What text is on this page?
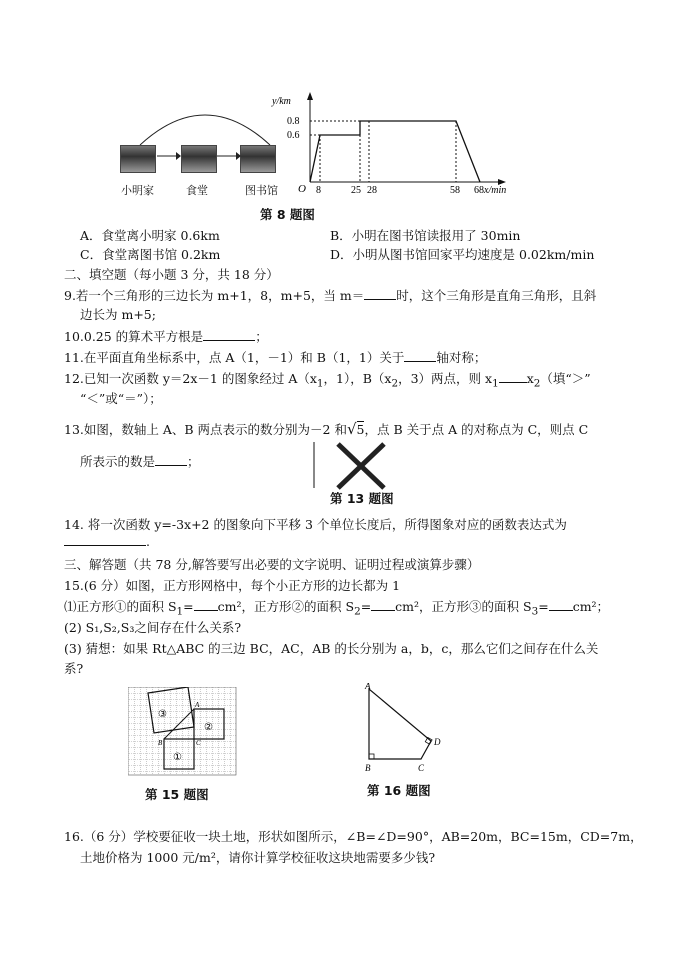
小明家	食堂	图书馆
y/km
x/min
O
0.8
0.6
8	25 28	58 68
第 8 题图
A．食堂离小明家 0.6km	B．小明在图书馆读报用了 30min
C．食堂离图书馆 0.2km	D．小明从图书馆回家平均速度是 0.02km/min
二、填空题（每小题 3 分，共 18 分）
9.若一个三角形的三边长为 m+1，8，m+5，当 m＝	时，这个三角形是直角三角形，且斜
边长为 m+5;
10.0.25 的算术平方根是	；
11.在平面直角坐标系中，点 A（1，－1）和 B（1，1）关于	轴对称；
12.已知一次函数 y＝2x－1 的图象经过 $A(x_1$，1），$B(x_2$，3）两点，则 $x_1$ $x_2$（填“＞”
“＜”或“＝”）；
13.如图，数轴上 A、B 两点表示的数分别为－2 和√5，点 B 关于点 A 的对称点为 C，则点 C
所表示的数是	；
第 13 题图
14. 将一次函数 y=-3x+2 的图象向下平移 3 个单位长度后，所得图象对应的函数表达式为
.
三、解答题（共 78 分,解答要写出必要的文字说明、证明过程或演算步骤）
15.(6 分）如图，正方形网格中，每个小正方形的边长都为 1
⑴正方形①的面积 $S_1= cm^2$，正方形②的面积 $S_2= cm^2$，正方形③的面积 $S_3= cm^2$；
(2) S₁,S₂,S₃之间存在什么关系?
(3) 猜想：如果 Rt△ABC 的三边 BC，AC，AB 的长分别为 a，b，c，那么它们之间存在什么关
系?
③
②
①
A
B	C
第 15 题图
A
B	C
D
第 16 题图
16.（6 分）学校要征收一块土地，形状如图所示，∠B=∠D=90°，AB=20m，BC=15m，CD=7m，
土地价格为 1000 元/m²，请你计算学校征收这块地需要多少钱?
